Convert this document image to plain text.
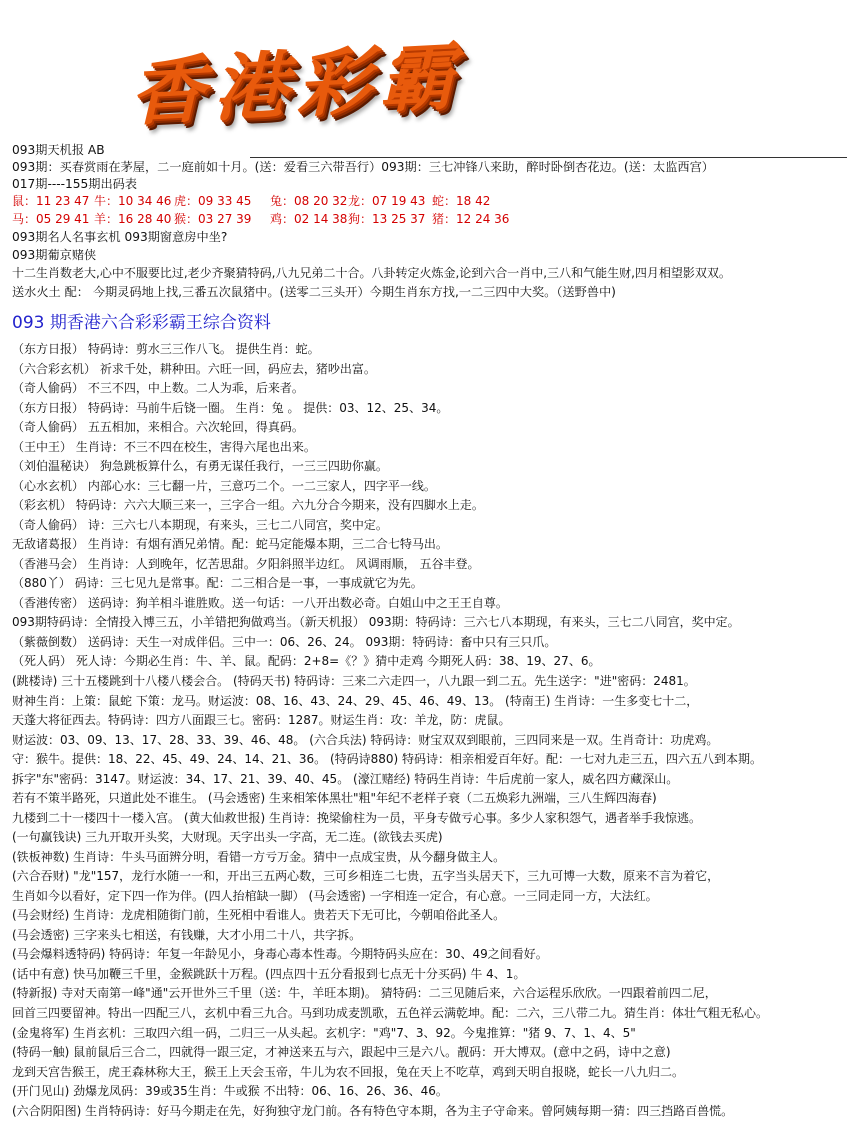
香港彩霸
093期天机报 AB
093期：买春赏雨在茅屋，二一庭前如十月。(送：爱看三六带吾行）093期：三七冲锋八来助，醉时卧倒杏花边。(送：太监西宫）
017期----155期出码表
鼠：11 23 47 牛：10 34 46 虎：09 33 45 兔：08 20 32 龙：07 19 43 蛇：18 42
马：05 29 41 羊：16 28 40 猴：03 27 39 鸡：02 14 38 狗：13 25 37 猪：12 24 36
093期名人名事玄机 093期窗意房中坐?
093期葡京赌侠
十二生肖数老大,心中不服要比过,老少齐聚猜特码,八九兄弟二十合。八卦转定火炼金,论到六合一肖中,三八和气能生财,四月相望影双双。
送水火土 配： 今期灵码地上找,三番五次鼠猪中。(送零二三头开）今期生肖东方找,一二三四中大奖。（送野兽中)
093 期香港六合彩彩霸王综合资料
（东方日报） 特码诗：剪水三三作八飞。 提供生肖：蛇。
（六合彩玄机） 祈求千处，耕种田。六旺一回，码应去，猪吵出富。
（奇人偷码） 不三不四，中上数。二人为乖，后来者。
（东方日报） 特码诗：马前牛后铙一圈。 生肖：兔 。 提供：03、12、25、34。
（奇人偷码） 五五相加，来相合。六次轮回，得真码。
（王中王） 生肖诗：不三不四在校生，害得六尾也出来。
（刘伯温秘诀） 狗急跳板算什么，有勇无谋任我行，一三三四助你赢。
（心水玄机） 内部心水：三七翻一片，三意巧二个。一二三家人，四字平一线。
（彩玄机） 特码诗：六六大顺三来一，三字合一组。六九分合今期来，没有四脚水上走。
（奇人偷码） 诗：三六七八本期现，有来头，三七二八同宫，奖中定。
无敌诸葛报） 生肖诗：有烟有酒兄弟情。配：蛇马定能爆本期，三二合七特马出。
（香港马会） 生肖诗：人到晚年，忆苦思甜。夕阳斜照半边红。 风调雨顺， 五谷丰登。
（880丫） 码诗：三七见九是常事。配：二三相合是一事，一事成就它为先。
（香港传密） 送码诗：狗羊相斗谁胜败。送一句话：一八开出数必奇。白姐山中之王王自尊。
093期特码诗：全情投入博三五，小羊错把狗做鸡当。（新天机报） 093期：特码诗：三六七八本期现，有来头，三七二八同宫，奖中定。
（紫薇倒数） 送码诗：天生一对成伴侣。三中一：06、26、24。 093期：特码诗：畜中只有三只爪。
（死人码） 死人诗：今期必生肖：牛、羊、鼠。配码：2+8=《？》猜中走鸡 今期死人码：38、19、27、6。
(跳楼诗) 三十五楼跳到十八楼八楼会合。 (特码天书) 特码诗：三来二六走四一，八九跟一到二五。先生送字："进"密码：2481。
财神生肖：上策：鼠蛇 下策：龙马。财运波：08、16、43、24、29、45、46、49、13。 (特南王) 生肖诗：一生多变七十二，
天蓬大将征西去。特码诗：四方八面跟三七。密码：1287。财运生肖：攻：羊龙，防：虎鼠。
财运波：03、09、13、17、28、33、39、46、48。 (六合兵法) 特码诗：财宝双双到眼前，三四同来是一双。生肖奇计：功虎鸡。
守：猴牛。提供：18、22、45、49、24、14、21、36。 (特码诗880) 特码诗：相亲相爱百年好。配：一七对九走三五，四六五八到本期。
拆字"东"密码：3147。财运波：34、17、21、39、40、45。 (濠江赌经) 特码生肖诗：牛后虎前一家人，威名四方藏深山。
若有不策半路死，只道此处不谁生。 (马会透密) 生来相笨体黑壮"粗"年纪不老样子衰（二五焕彩九洲端，三八生辉四海春)
九楼到二十一楼四十一楼入宫。 (黄大仙救世报) 生肖诗：挽梁偷柱为一员，平身专做亏心事。多少人家积怨气，遇者举手我惊逃。
(一句赢钱诀) 三九开取开头奖，大财现。天字出头一字高，无二连。(欲钱去买虎)
(铁板神数) 生肖诗：牛头马面辨分明，看错一方亏万金。猜中一点成宝贵，从今翻身做主人。
(六合吞财) "龙"157，龙行水随一一和，开出三五两心数，三可乡相连二七贵，五字当头居天下，三九可博一大数，原来不言为着它，
生肖如今以看好，定下四一作为伴。(四人抬棺缺一脚） (马会透密) 一字相连一定合，有心意。一三同走同一方，大法红。
(马会财经) 生肖诗：龙虎相随街门前，生死相中看谁人。贵若天下无可比，今朝咱俗此圣人。
(马会透密) 三字来头七相送，有钱赚，大才小用二十八，共字拆。
(马会爆料透特码) 特码诗：年复一年龄见小，身毒心毒本性毒。今期特码头应在：30、49之间看好。
(话中有意) 快马加鞭三千里，金猴跳跃十万程。(四点四十五分看报到七点无十分买码) 牛 4、1。
(特新报) 寺对天南第一峰"通"云开世外三千里（送：牛，羊旺本期)。 猜特码：二三见随后来，六合运程乐欣欣。一四跟着前四二尼，
回首三四要留神。特出一四配三八，玄机中看三九合。马到功成麦凯歌，五色祥云满乾坤。配：二六，三八带二九。猜生肖：体壮气粗无私心。
(金鬼将军) 生肖玄机：三取四六组一码，二归三一从头起。玄机字："鸡"7、3、92。今鬼推算："猪 9、7、1、4、5"
(特码一触) 鼠前鼠后三合二，四就得一跟三定，才神送来五与六，跟起中三是六八。靓码：开大博双。(意中之码，诗中之意)
龙到天宫告猴王，虎王森林称大王，猴王上天会玉帝，牛儿为农不回报，兔在天上不吃草，鸡到天明自报晓，蛇长一八九归二。
(开门见山) 劲爆龙凤码：39或35生肖：牛或猴 不出特：06、16、26、36、46。
(六合阴阳图) 生肖特码诗：好马今期走在先，好狗独守龙门前。各有特色守本期，各为主子守命来。曾阿姨每期一猜：四三挡路百兽慌。
